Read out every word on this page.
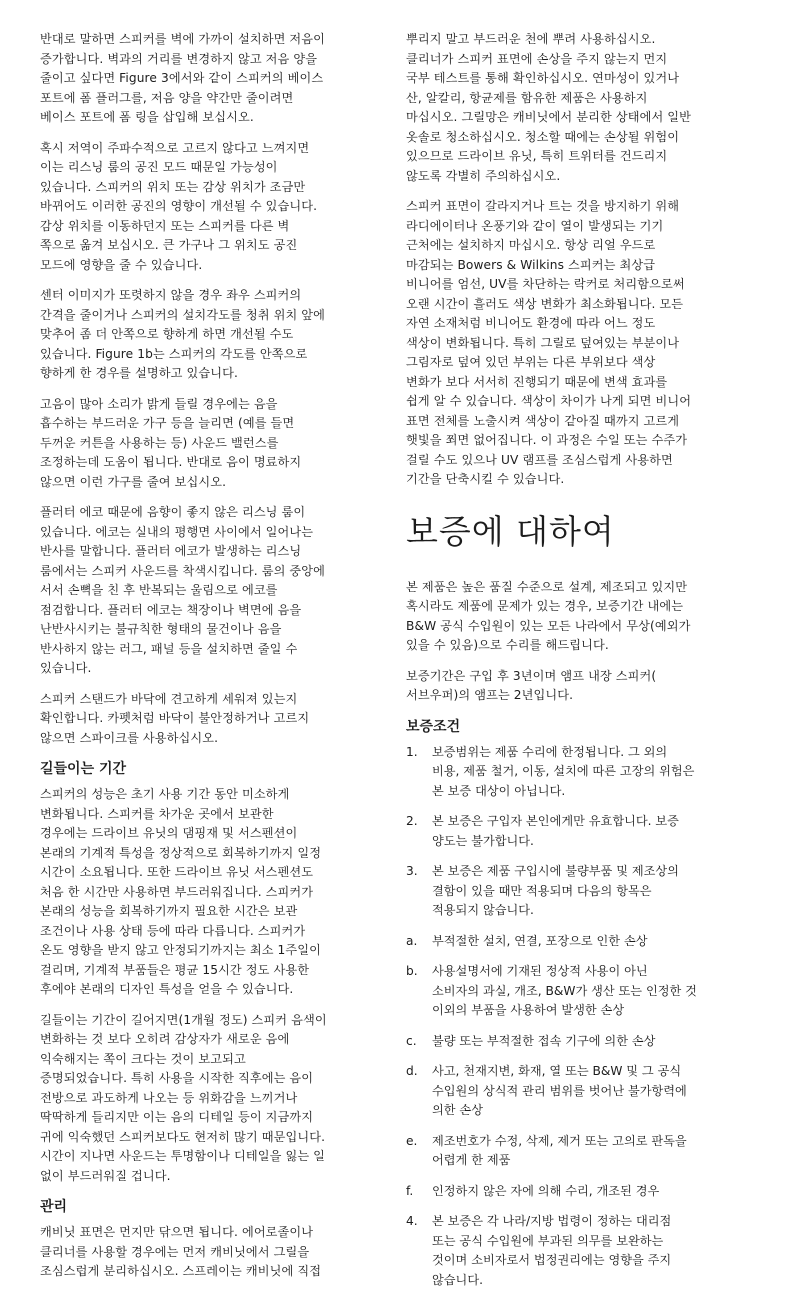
반대로 말하면 스피커를 벽에 가까이 설치하면 저음이
증가합니다. 벽과의 거리를 변경하지 않고 저음 양을
줄이고 싶다면 Figure 3에서와 같이 스피커의 베이스
포트에 폼 플러그를, 저음 양을 약간만 줄이려면
베이스 포트에 폼 링을 삽입해 보십시오.

혹시 저역이 주파수적으로 고르지 않다고 느껴지면
이는 리스닝 룸의 공진 모드 때문일 가능성이
있습니다. 스피커의 위치 또는 감상 위치가 조금만
바뀌어도 이러한 공진의 영향이 개선될 수 있습니다.
감상 위치를 이동하던지 또는 스피커를 다른 벽
쪽으로 옮겨 보십시오. 큰 가구나 그 위치도 공진
모드에 영향을 줄 수 있습니다.

센터 이미지가 또렷하지 않을 경우 좌우 스피커의
간격을 줄이거나 스피커의 설치각도를 청취 위치 앞에
맞추어 좀 더 안쪽으로 향하게 하면 개선될 수도
있습니다. Figure 1b는 스피커의 각도를 안쪽으로
향하게 한 경우를 설명하고 있습니다.

고음이 많아 소리가 밝게 들릴 경우에는 음을
흡수하는 부드러운 가구 등을 늘리면 (예를 들면
두꺼운 커튼을 사용하는 등) 사운드 밸런스를
조정하는데 도움이 됩니다. 반대로 음이 명료하지
않으면 이런 가구를 줄여 보십시오.

플러터 에코 때문에 음향이 좋지 않은 리스닝 룸이
있습니다. 에코는 실내의 평행면 사이에서 일어나는
반사를 말합니다. 플러터 에코가 발생하는 리스닝
룸에서는 스피커 사운드를 착색시킵니다. 룸의 중앙에
서서 손뼉을 친 후 반복되는 울림으로 에코를
점검합니다. 플러터 에코는 책장이나 벽면에 음을
난반사시키는 불규칙한 형태의 물건이나 음을
반사하지 않는 러그, 패널 등을 설치하면 줄일 수
있습니다.

스피커 스탠드가 바닥에 견고하게 세워져 있는지
확인합니다. 카펫처럼 바닥이 불안정하거나 고르지
않으면 스파이크를 사용하십시오.

길들이는 기간

스피커의 성능은 초기 사용 기간 동안 미소하게
변화됩니다. 스피커를 차가운 곳에서 보관한
경우에는 드라이브 유닛의 댐핑재 및 서스펜션이
본래의 기계적 특성을 정상적으로 회복하기까지 일정
시간이 소요됩니다. 또한 드라이브 유닛 서스펜션도
처음 한 시간만 사용하면 부드러워집니다. 스피커가
본래의 성능을 회복하기까지 필요한 시간은 보관
조건이나 사용 상태 등에 따라 다릅니다. 스피커가
온도 영향을 받지 않고 안정되기까지는 최소 1주일이
걸리며, 기계적 부품들은 평균 15시간 정도 사용한
후에야 본래의 디자인 특성을 얻을 수 있습니다.

길들이는 기간이 길어지면(1개월 정도) 스피커 음색이
변화하는 것 보다 오히려 감상자가 새로운 음에
익숙해지는 쪽이 크다는 것이 보고되고
증명되었습니다. 특히 사용을 시작한 직후에는 음이
전방으로 과도하게 나오는 등 위화감을 느끼거나
딱딱하게 들리지만 이는 음의 디테일 등이 지금까지
귀에 익숙했던 스피커보다도 현저히 많기 때문입니다.
시간이 지나면 사운드는 투명함이나 디테일을 잃는 일
없이 부드러워질 겁니다.

관리

캐비닛 표면은 먼지만 닦으면 됩니다. 에어로졸이나
클리너를 사용할 경우에는 먼저 캐비닛에서 그릴을
조심스럽게 분리하십시오. 스프레이는 캐비닛에 직접

뿌리지 말고 부드러운 천에 뿌려 사용하십시오.
클리너가 스피커 표면에 손상을 주지 않는지 먼지
국부 테스트를 통해 확인하십시오. 연마성이 있거나
산, 알칼리, 항균제를 함유한 제품은 사용하지
마십시오. 그릴망은 캐비닛에서 분리한 상태에서 일반
옷솔로 청소하십시오. 청소할 때에는 손상될 위험이
있으므로 드라이브 유닛, 특히 트위터를 건드리지
않도록 각별히 주의하십시오.

스피커 표면이 갈라지거나 트는 것을 방지하기 위해
라디에이터나 온풍기와 같이 열이 발생되는 기기
근처에는 설치하지 마십시오. 항상 리얼 우드로
마감되는 Bowers & Wilkins 스피커는 최상급
비니어를 엄선, UV를 차단하는 락커로 처리함으로써
오랜 시간이 흘러도 색상 변화가 최소화됩니다. 모든
자연 소재처럼 비니어도 환경에 따라 어느 정도
색상이 변화됩니다. 특히 그릴로 덮여있는 부분이나
그림자로 덮여 있던 부위는 다른 부위보다 색상
변화가 보다 서서히 진행되기 때문에 변색 효과를
쉽게 알 수 있습니다. 색상이 차이가 나게 되면 비니어
표면 전체를 노출시켜 색상이 같아질 때까지 고르게
햇빛을 쬐면 없어집니다. 이 과정은 수일 또는 수주가
걸릴 수도 있으나 UV 램프를 조심스럽게 사용하면
기간을 단축시킬 수 있습니다.

보증에 대하여

본 제품은 높은 품질 수준으로 설계, 제조되고 있지만
혹시라도 제품에 문제가 있는 경우, 보증기간 내에는
B&W 공식 수입원이 있는 모든 나라에서 무상(예외가
있을 수 있음)으로 수리를 해드립니다.

보증기간은 구입 후 3년이며 앰프 내장 스피커(
서브우퍼)의 앰프는 2년입니다.

보증조건
1.	보증범위는 제품 수리에 한정됩니다. 그 외의
비용, 제품 철거, 이동, 설치에 따른 고장의 위험은
본 보증 대상이 아닙니다.
2.	본 보증은 구입자 본인에게만 유효합니다. 보증
양도는 불가합니다.
3.	본 보증은 제품 구입시에 불량부품 및 제조상의
결함이 있을 때만 적용되며 다음의 항목은
적용되지 않습니다.
a.	부적절한 설치, 연결, 포장으로 인한 손상
b.	사용설명서에 기재된 정상적 사용이 아닌
소비자의 과실, 개조, B&W가 생산 또는 인정한 것
이외의 부품을 사용하여 발생한 손상
c.	불량 또는 부적절한 접속 기구에 의한 손상
d.	사고, 천재지변, 화재, 열 또는 B&W 및 그 공식
수입원의 상식적 관리 범위를 벗어난 불가항력에
의한 손상
e.	제조번호가 수정, 삭제, 제거 또는 고의로 판독을
어렵게 한 제품
f.	인정하지 않은 자에 의해 수리, 개조된 경우
4.	본 보증은 각 나라/지방 법령이 정하는 대리점
또는 공식 수입원에 부과된 의무를 보완하는
것이며 소비자로서 법정권리에는 영향을 주지
않습니다.
